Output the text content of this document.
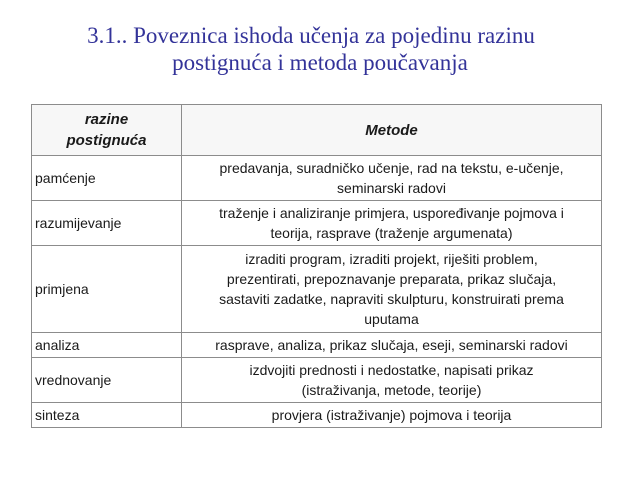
3.1.. Poveznica ishoda učenja za pojedinu razinu
postignuća i metoda poučavanja
razine
postignuća	Metode
pamćenje	predavanja, suradničko učenje, rad na tekstu, e-učenje,
seminarski radovi
razumijevanje	traženje i analiziranje primjera, uspoređivanje pojmova i
teorija, rasprave (traženje argumenata)
primjena	izraditi program, izraditi projekt, riješiti problem,
prezentirati, prepoznavanje preparata, prikaz slučaja,
sastaviti zadatke, napraviti skulpturu, konstruirati prema
uputama
analiza	rasprave, analiza, prikaz slučaja, eseji, seminarski radovi
vrednovanje	izdvojiti prednosti i nedostatke, napisati prikaz
(istraživanja, metode, teorije)
sinteza	provjera (istraživanje) pojmova i teorija
